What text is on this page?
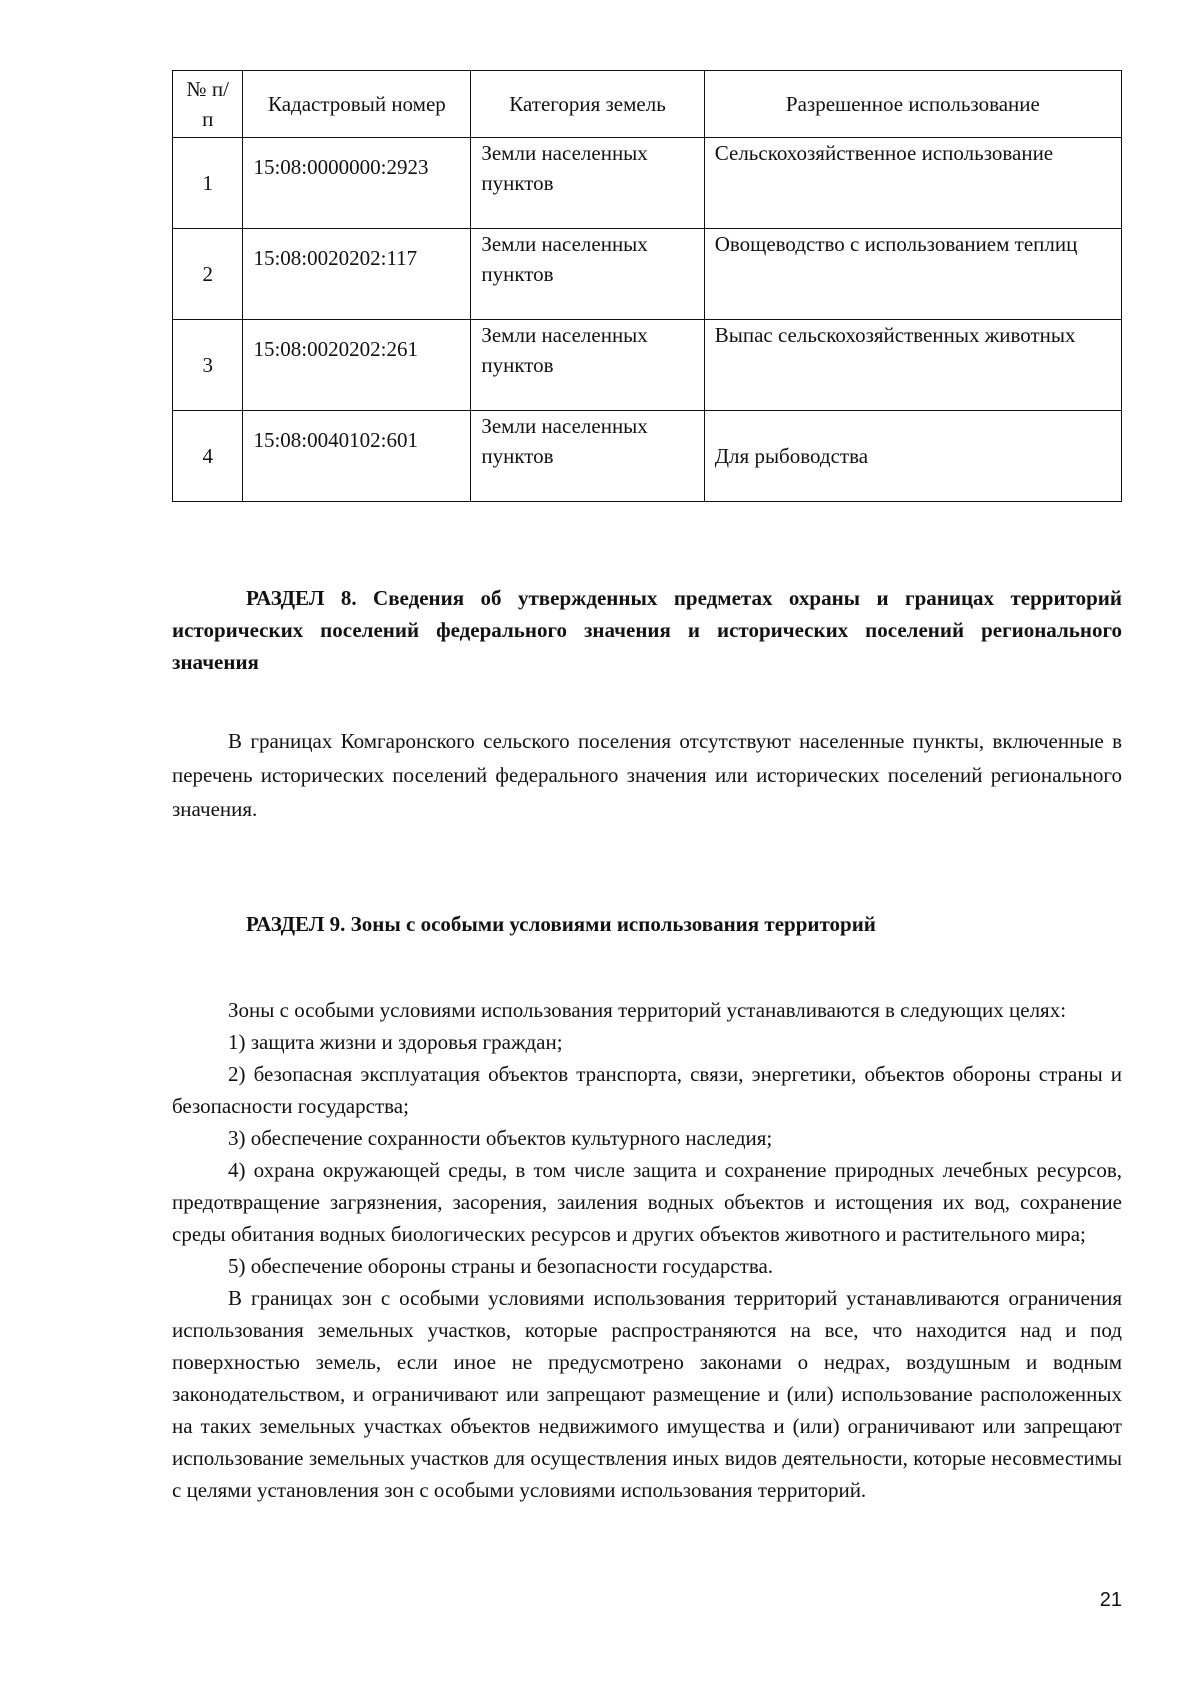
№ п/п	Кадастровый номер	Категория земель	Разрешенное использование
1	15:08:0000000:2923	Земли населенных пунктов	Сельскохозяйственное использование
2	15:08:0020202:117	Земли населенных пунктов	Овощеводство с использованием теплиц
3	15:08:0020202:261	Земли населенных пунктов	Выпас сельскохозяйственных животных
4	15:08:0040102:601	Земли населенных пунктов	Для рыбоводства

РАЗДЕЛ 8. Сведения об утвержденных предметах охраны и границах территорий исторических поселений федерального значения и исторических поселений регионального значения

В границах Комгаронского сельского поселения отсутствуют населенные пункты, включенные в перечень исторических поселений федерального значения или исторических поселений регионального значения.

РАЗДЕЛ 9. Зоны с особыми условиями использования территорий

Зоны с особыми условиями использования территорий устанавливаются в следующих целях:

1) защита жизни и здоровья граждан;

2) безопасная эксплуатация объектов транспорта, связи, энергетики, объектов обороны страны и безопасности государства;

3) обеспечение сохранности объектов культурного наследия;

4) охрана окружающей среды, в том числе защита и сохранение природных лечебных ресурсов, предотвращение загрязнения, засорения, заиления водных объектов и истощения их вод, сохранение среды обитания водных биологических ресурсов и других объектов животного и растительного мира;

5) обеспечение обороны страны и безопасности государства.

В границах зон с особыми условиями использования территорий устанавливаются ограничения использования земельных участков, которые распространяются на все, что находится над и под поверхностью земель, если иное не предусмотрено законами о недрах, воздушным и водным законодательством, и ограничивают или запрещают размещение и (или) использование расположенных на таких земельных участках объектов недвижимого имущества и (или) ограничивают или запрещают использование земельных участков для осуществления иных видов деятельности, которые несовместимы с целями установления зон с особыми условиями использования территорий.

21
